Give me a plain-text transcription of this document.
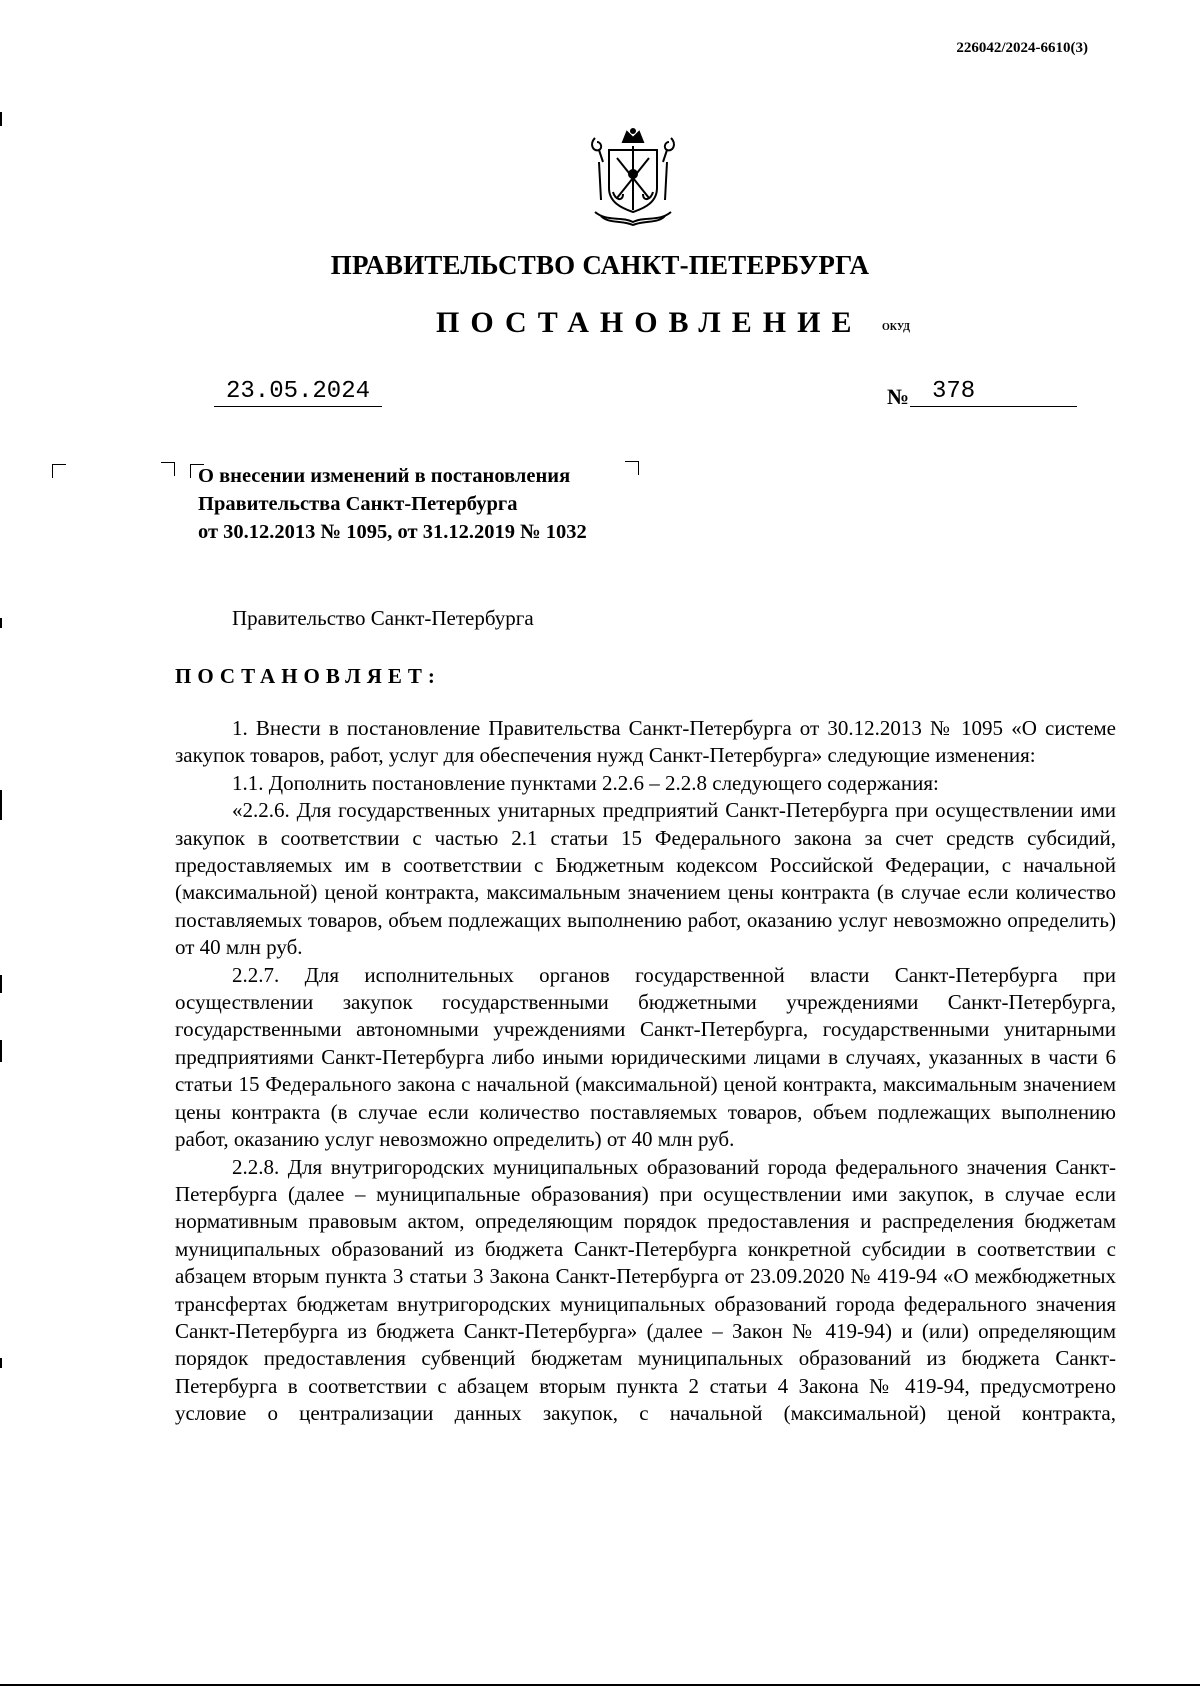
226042/2024-6610(3)
ПРАВИТЕЛЬСТВО САНКТ-ПЕТЕРБУРГА
ПОСТАНОВЛЕНИЕ ОКУД
23.05.2024	№ 378
О внесении изменений в постановления
Правительства Санкт-Петербурга
от 30.12.2013 № 1095, от 31.12.2019 № 1032
Правительство Санкт-Петербурга
ПОСТАНОВЛЯЕТ:

1. Внести в постановление Правительства Санкт-Петербурга от 30.12.2013 № 1095 «О системе закупок товаров, работ, услуг для обеспечения нужд Санкт-Петербурга» следующие изменения:

1.1. Дополнить постановление пунктами 2.2.6 – 2.2.8 следующего содержания:

«2.2.6. Для государственных унитарных предприятий Санкт-Петербурга при осуществлении ими закупок в соответствии с частью 2.1 статьи 15 Федерального закона за счет средств субсидий, предоставляемых им в соответствии с Бюджетным кодексом Российской Федерации, с начальной (максимальной) ценой контракта, максимальным значением цены контракта (в случае если количество поставляемых товаров, объем подлежащих выполнению работ, оказанию услуг невозможно определить) от 40 млн руб.

2.2.7. Для исполнительных органов государственной власти Санкт-Петербурга при осуществлении закупок государственными бюджетными учреждениями Санкт-Петербурга, государственными автономными учреждениями Санкт-Петербурга, государственными унитарными предприятиями Санкт-Петербурга либо иными юридическими лицами в случаях, указанных в части 6 статьи 15 Федерального закона с начальной (максимальной) ценой контракта, максимальным значением цены контракта (в случае если количество поставляемых товаров, объем подлежащих выполнению работ, оказанию услуг невозможно определить) от 40 млн руб.

2.2.8. Для внутригородских муниципальных образований города федерального значения Санкт-Петербурга (далее – муниципальные образования) при осуществлении ими закупок, в случае если нормативным правовым актом, определяющим порядок предоставления и распределения бюджетам муниципальных образований из бюджета Санкт-Петербурга конкретной субсидии в соответствии с абзацем вторым пункта 3 статьи 3 Закона Санкт-Петербурга от 23.09.2020 № 419-94 «О межбюджетных трансфертах бюджетам внутригородских муниципальных образований города федерального значения Санкт-Петербурга из бюджета Санкт-Петербурга» (далее – Закон № 419-94) и (или) определяющим порядок предоставления субвенций бюджетам муниципальных образований из бюджета Санкт-Петербурга в соответствии с абзацем вторым пункта 2 статьи 4 Закона № 419-94, предусмотрено условие о централизации данных закупок, с начальной (максимальной) ценой контракта,
